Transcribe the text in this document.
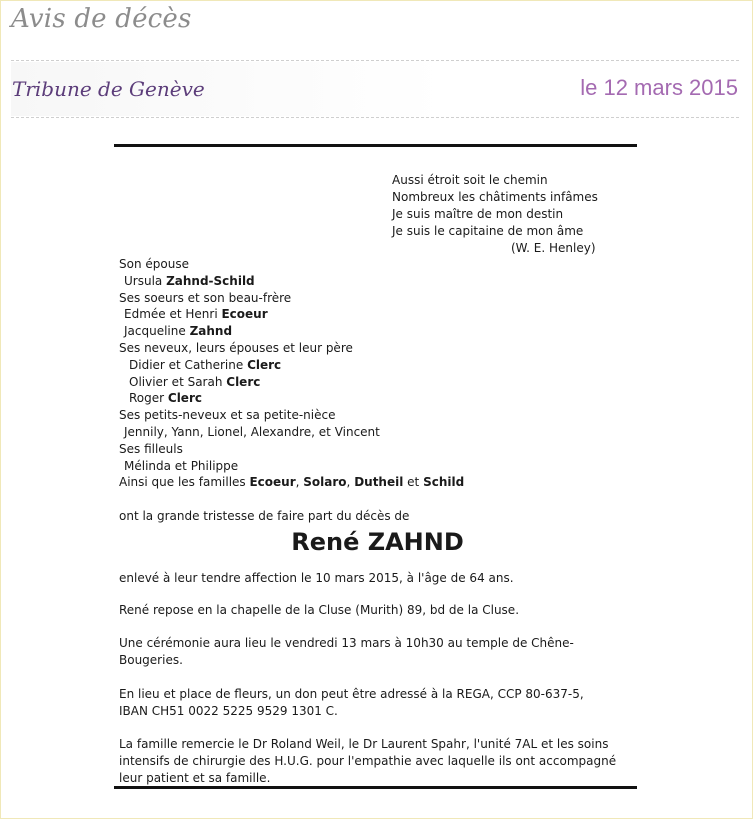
Avis de décès
Tribune de Genève	le 12 mars 2015
Aussi étroit soit le chemin
Nombreux les châtiments infâmes
Je suis maître de mon destin
Je suis le capitaine de mon âme
(W. E. Henley)
Son épouse
Ursula Zahnd-Schild
Ses soeurs et son beau-frère
Edmée et Henri Ecoeur
Jacqueline Zahnd
Ses neveux, leurs épouses et leur père
Didier et Catherine Clerc
Olivier et Sarah Clerc
Roger Clerc
Ses petits-neveux et sa petite-nièce
Jennily, Yann, Lionel, Alexandre, et Vincent
Ses filleuls
Mélinda et Philippe
Ainsi que les familles Ecoeur, Solaro, Dutheil et Schild
ont la grande tristesse de faire part du décès de
René ZAHND
enlevé à leur tendre affection le 10 mars 2015, à l'âge de 64 ans.
René repose en la chapelle de la Cluse (Murith) 89, bd de la Cluse.
Une cérémonie aura lieu le vendredi 13 mars à 10h30 au temple de Chêne-
Bougeries.
En lieu et place de fleurs, un don peut être adressé à la REGA, CCP 80-637-5,
IBAN CH51 0022 5225 9529 1301 C.
La famille remercie le Dr Roland Weil, le Dr Laurent Spahr, l'unité 7AL et les soins
intensifs de chirurgie des H.U.G. pour l'empathie avec laquelle ils ont accompagné
leur patient et sa famille.
